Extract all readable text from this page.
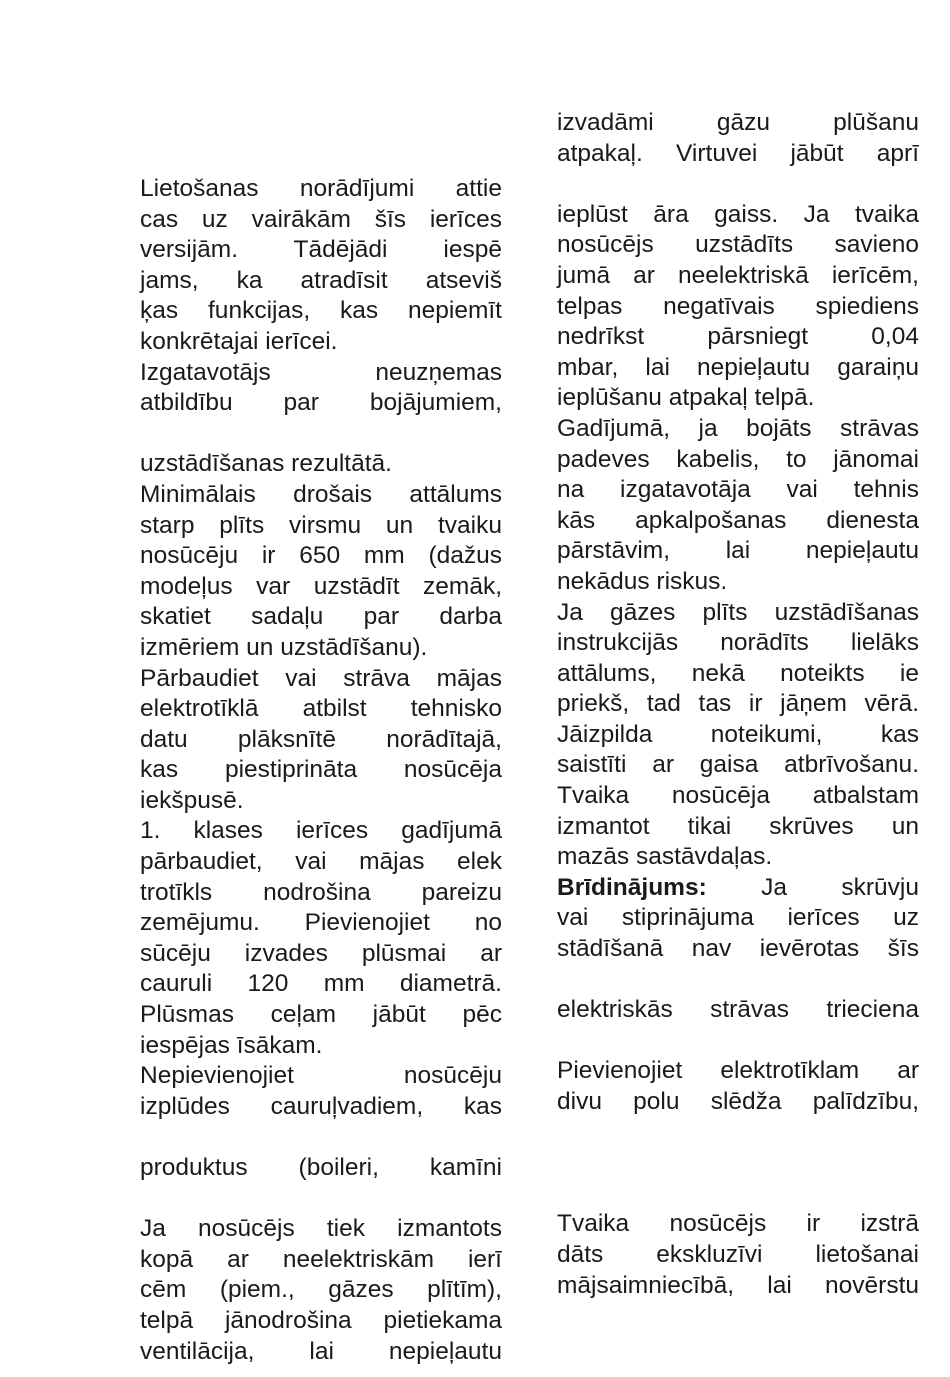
Lietošanas norādījumi attie
cas uz vairākām šīs ierīces
versijām. Tādējādi iespē
jams, ka atradīsit atseviš
ķas funkcijas, kas nepiemīt
konkrētajai ierīcei.
Izgatavotājs neuzņemas
atbildību par bojājumiem,
uzstādīšanas rezultātā.
Minimālais drošais attālums
starp plīts virsmu un tvaiku
nosūcēju ir 650 mm (dažus
modeļus var uzstādīt zemāk,
skatiet sadaļu par darba
izmēriem un uzstādīšanu).
Pārbaudiet vai strāva mājas
elektrotīklā atbilst tehnisko
datu plāksnītē norādītajā,
kas piestiprināta nosūcēja
iekšpusē.
1. klases ierīces gadījumā
pārbaudiet, vai mājas elek
trotīkls nodrošina pareizu
zemējumu. Pievienojiet no
sūcēju izvades plūsmai ar
cauruli 120 mm diametrā.
Plūsmas ceļam jābūt pēc
iespējas īsākam.
Nepievienojiet nosūcēju
izplūdes cauruļvadiem, kas
produktus (boileri, kamīni
Ja nosūcējs tiek izmantots
kopā ar neelektriskām ierī
cēm (piem., gāzes plītīm),
telpā jānodrošina pietiekama
ventilācija, lai nepieļautu
izvadāmi gāzu plūšanu
atpakaļ. Virtuvei jābūt aprī
ieplūst āra gaiss. Ja tvaika
nosūcējs uzstādīts savieno
jumā ar neelektriskā ierīcēm,
telpas negatīvais spiediens
nedrīkst pārsniegt 0,04
mbar, lai nepieļautu garaiņu
ieplūšanu atpakaļ telpā.
Gadījumā, ja bojāts strāvas
padeves kabelis, to jānomai
na izgatavotāja vai tehnis
kās apkalpošanas dienesta
pārstāvim, lai nepieļautu
nekādus riskus.
Ja gāzes plīts uzstādīšanas
instrukcijās norādīts lielāks
attālums, nekā noteikts ie
priekš, tad tas ir jāņem vērā.
Jāizpilda noteikumi, kas
saistīti ar gaisa atbrīvošanu.
Tvaika nosūcēja atbalstam
izmantot tikai skrūves un
mazās sastāvdaļas.
Brīdinājums: Ja skrūvju
vai stiprinājuma ierīces uz
stādīšanā nav ievērotas šīs
elektriskās strāvas trieciena
Pievienojiet elektrotīklam ar
divu polu slēdža palīdzību,
Tvaika nosūcējs ir izstrā
dāts ekskluzīvi lietošanai
mājsaimniecībā, lai novērstu
